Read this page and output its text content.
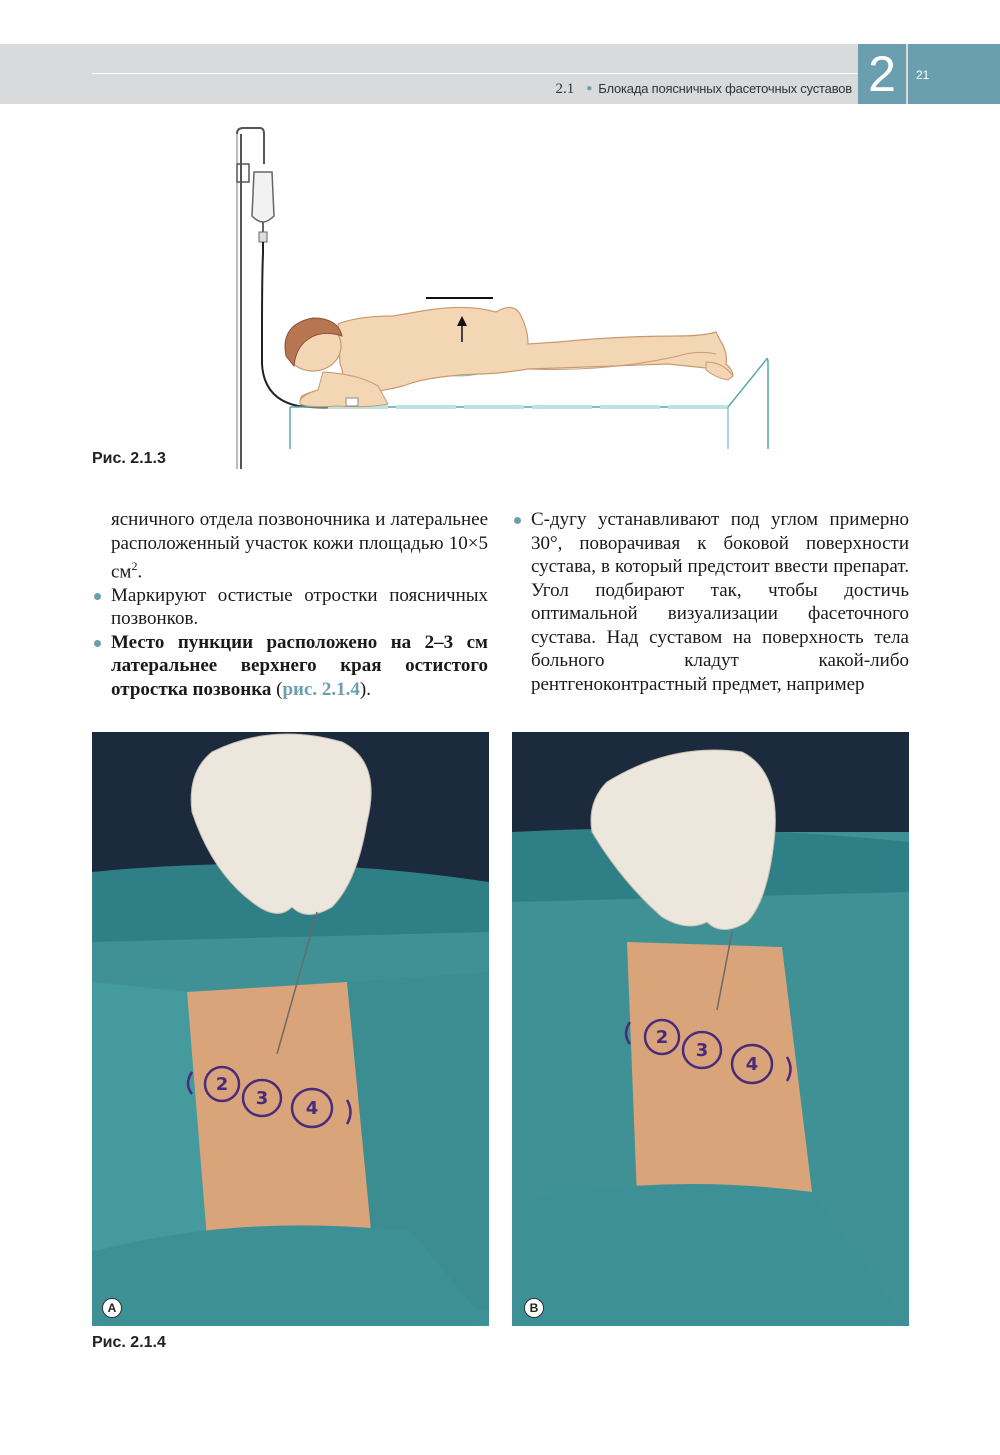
2.1 ● Блокада поясничных фасеточных суставов 2	21
Рис. 2.1.3

ясничного отдела позвоночника и латеральнее расположенный участок кожи площадью 10×5 $см^2$.

Маркируют остистые отростки поясничных позвонков.

Место пункции расположено на 2–3 см латеральнее верхнего края остистого отростка позвонка (рис. 2.1.4).

C-дугу устанавливают под углом примерно 30°, поворачивая к боковой поверхности сустава, в который предстоит ввести препарат. Угол подбирают так, чтобы достичь оптимальной визуализации фасеточного сустава. Над суставом на поверхность тела больного кладут какой-либо рентгеноконтрастный предмет, например

2
3 4
A
2
3
4
B
Рис. 2.1.4
